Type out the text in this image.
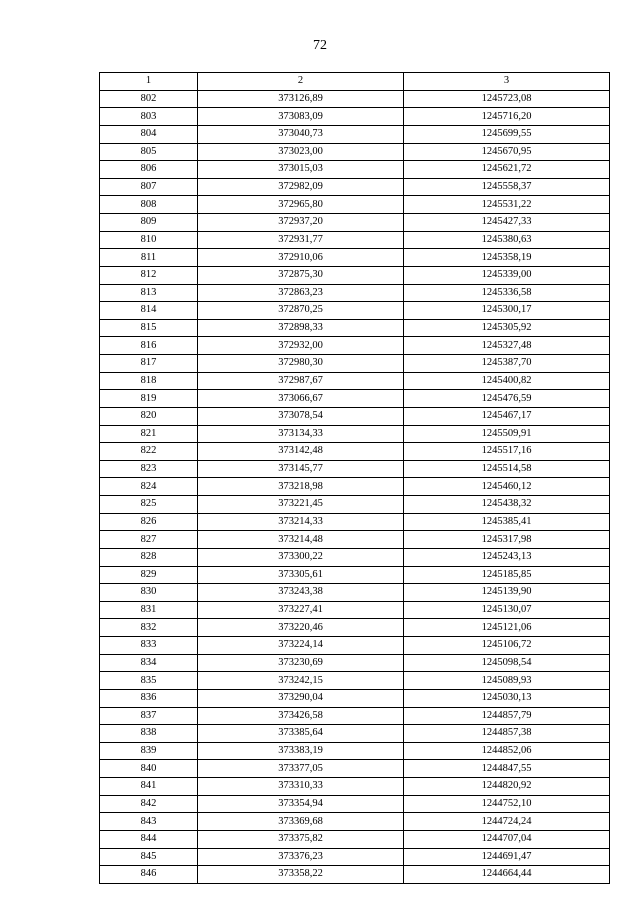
72
1	2	3
802	373126,89	1245723,08
803	373083,09	1245716,20
804	373040,73	1245699,55
805	373023,00	1245670,95
806	373015,03	1245621,72
807	372982,09	1245558,37
808	372965,80	1245531,22
809	372937,20	1245427,33
810	372931,77	1245380,63
811	372910,06	1245358,19
812	372875,30	1245339,00
813	372863,23	1245336,58
814	372870,25	1245300,17
815	372898,33	1245305,92
816	372932,00	1245327,48
817	372980,30	1245387,70
818	372987,67	1245400,82
819	373066,67	1245476,59
820	373078,54	1245467,17
821	373134,33	1245509,91
822	373142,48	1245517,16
823	373145,77	1245514,58
824	373218,98	1245460,12
825	373221,45	1245438,32
826	373214,33	1245385,41
827	373214,48	1245317,98
828	373300,22	1245243,13
829	373305,61	1245185,85
830	373243,38	1245139,90
831	373227,41	1245130,07
832	373220,46	1245121,06
833	373224,14	1245106,72
834	373230,69	1245098,54
835	373242,15	1245089,93
836	373290,04	1245030,13
837	373426,58	1244857,79
838	373385,64	1244857,38
839	373383,19	1244852,06
840	373377,05	1244847,55
841	373310,33	1244820,92
842	373354,94	1244752,10
843	373369,68	1244724,24
844	373375,82	1244707,04
845	373376,23	1244691,47
846	373358,22	1244664,44
